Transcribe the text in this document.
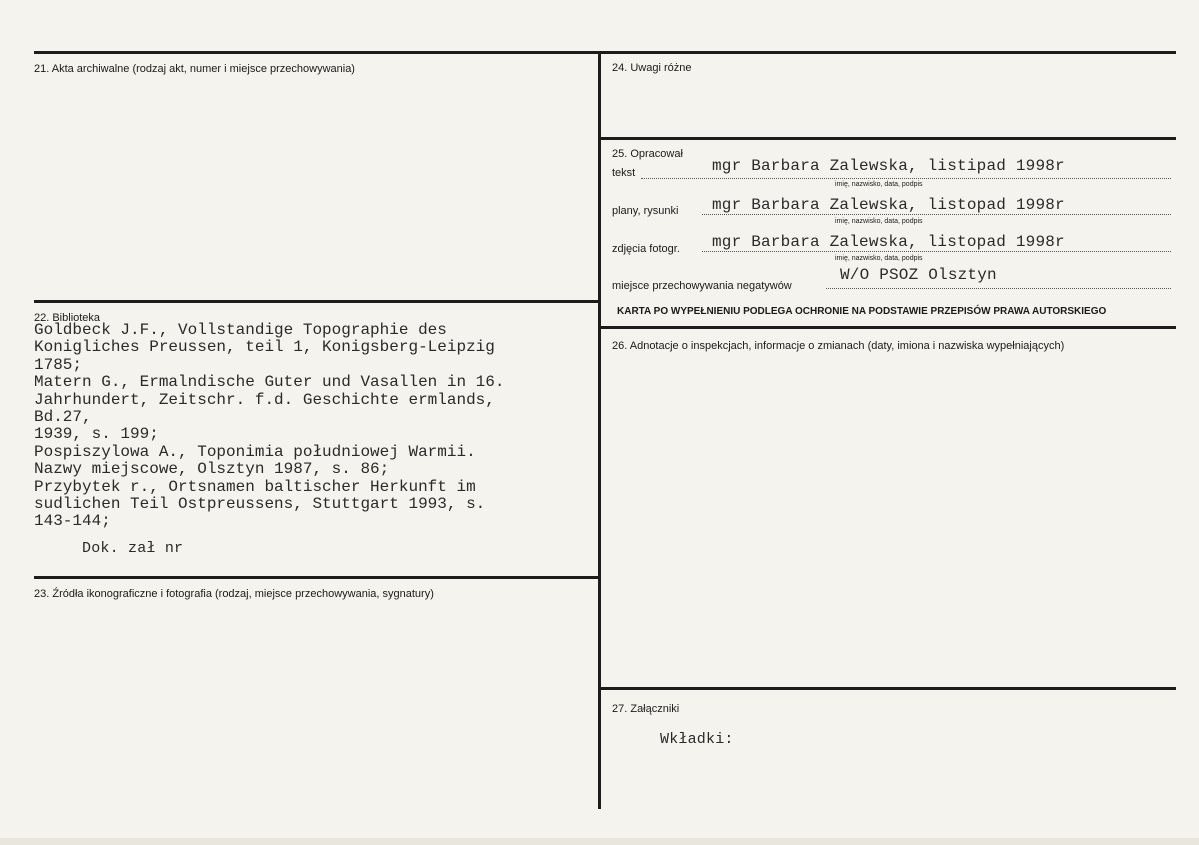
21. Akta archiwalne (rodzaj akt, numer i miejsce przechowywania)
22. Biblioteka
Goldbeck J.F., Vollstandige Topographie des
Konigliches Preussen, teil 1, Konigsberg-Leipzig
1785;
Matern G., Ermalndische Guter und Vasallen in 16.
Jahrhundert, Zeitschr. f.d. Geschichte ermlands,
Bd.27,
1939, s. 199;
Pospiszylowa A., Toponimia południowej Warmii.
Nazwy miejscowe, Olsztyn 1987, s. 86;
Przybytek r., Ortsnamen baltischer Herkunft im
sudlichen Teil Ostpreussens, Stuttgart 1993, s.
143-144;
Dok. zał nr
23. Źródła ikonograficzne i fotografia (rodzaj, miejsce przechowywania, sygnatury)
24. Uwagi różne
25. Opracował
tekst	mgr Barbara Zalewska, listipad 1998r
imię, nazwisko, data, podpis
plany, rysunki mgr Barbara Zalewska, listopad 1998r
imię, nazwisko, data, podpis
zdjęcia fotogr. mgr Barbara Zalewska, listopad 1998r
imię, nazwisko, data, podpis
miejsce przechowywania negatywów
W/O PSOZ Olsztyn
KARTA PO WYPEŁNIENIU PODLEGA OCHRONIE NA PODSTAWIE PRZEPISÓW PRAWA AUTORSKIEGO
26. Adnotacje o inspekcjach, informacje o zmianach (daty, imiona i nazwiska wypełniających)
27. Załączniki
Wkładki:
